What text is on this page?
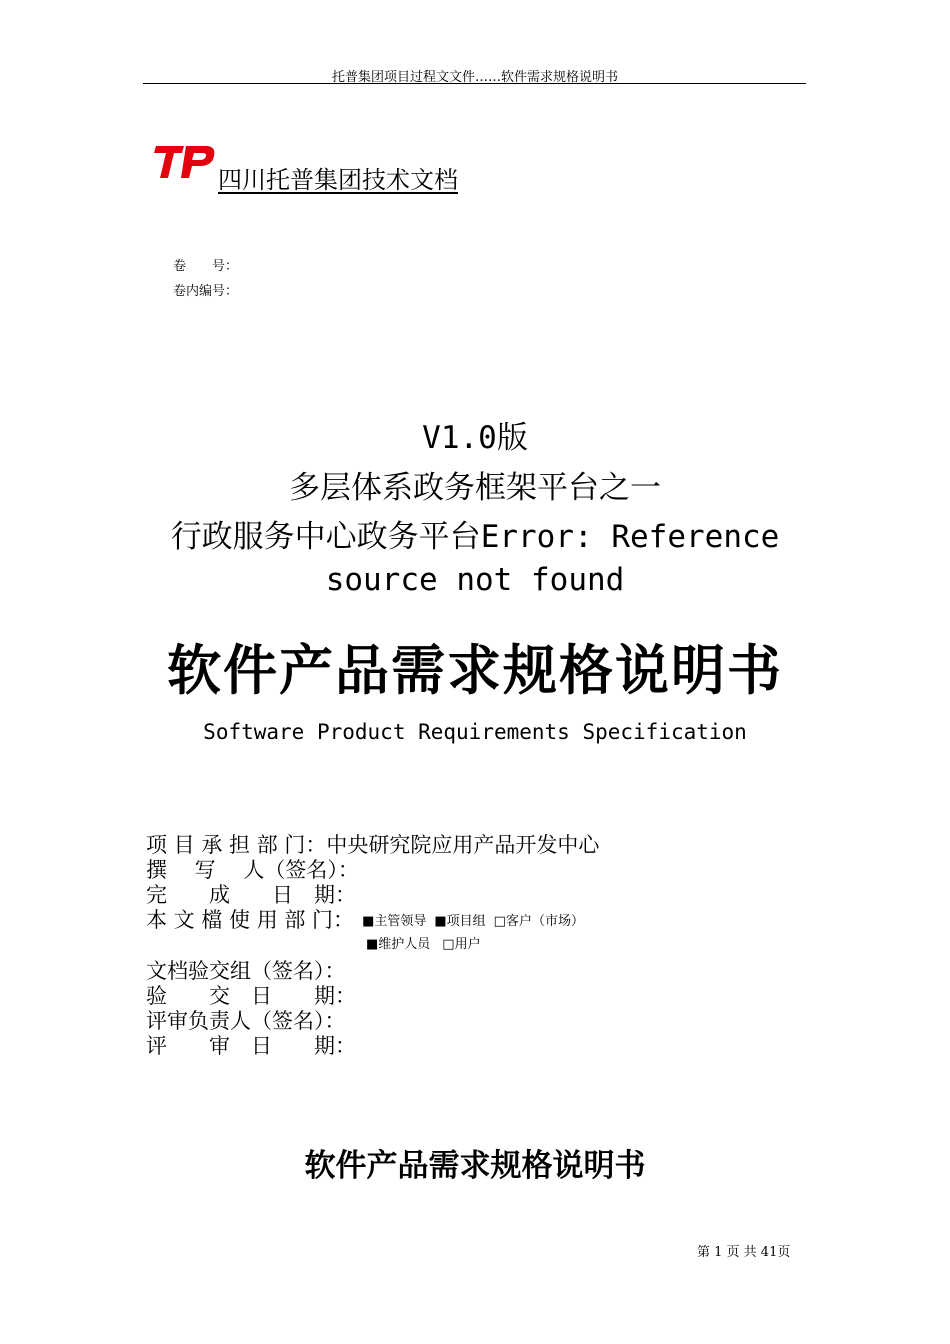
托普集团项目过程文文件……软件需求规格说明书
四川托普集团技术文档
卷　　号：
卷内编号：
V1.0版
多层体系政务框架平台之一
行政服务中心政务平台Error: Reference
source not found
软件产品需求规格说明书
Software Product Requirements Specification
项 目 承 担 部 门：中央研究院应用产品开发中心
撰　 写　 人（签名）：
完　　成　　日　期：
本 文 檔 使 用 部 门： ■主管领导 ■项目组 □客户（市场）
■维护人员 □用户
文档验交组（签名）：
验　　交　日　　期：
评审负责人（签名）：
评　　审　日　　期：
软件产品需求规格说明书
第 1 页 共 41页
